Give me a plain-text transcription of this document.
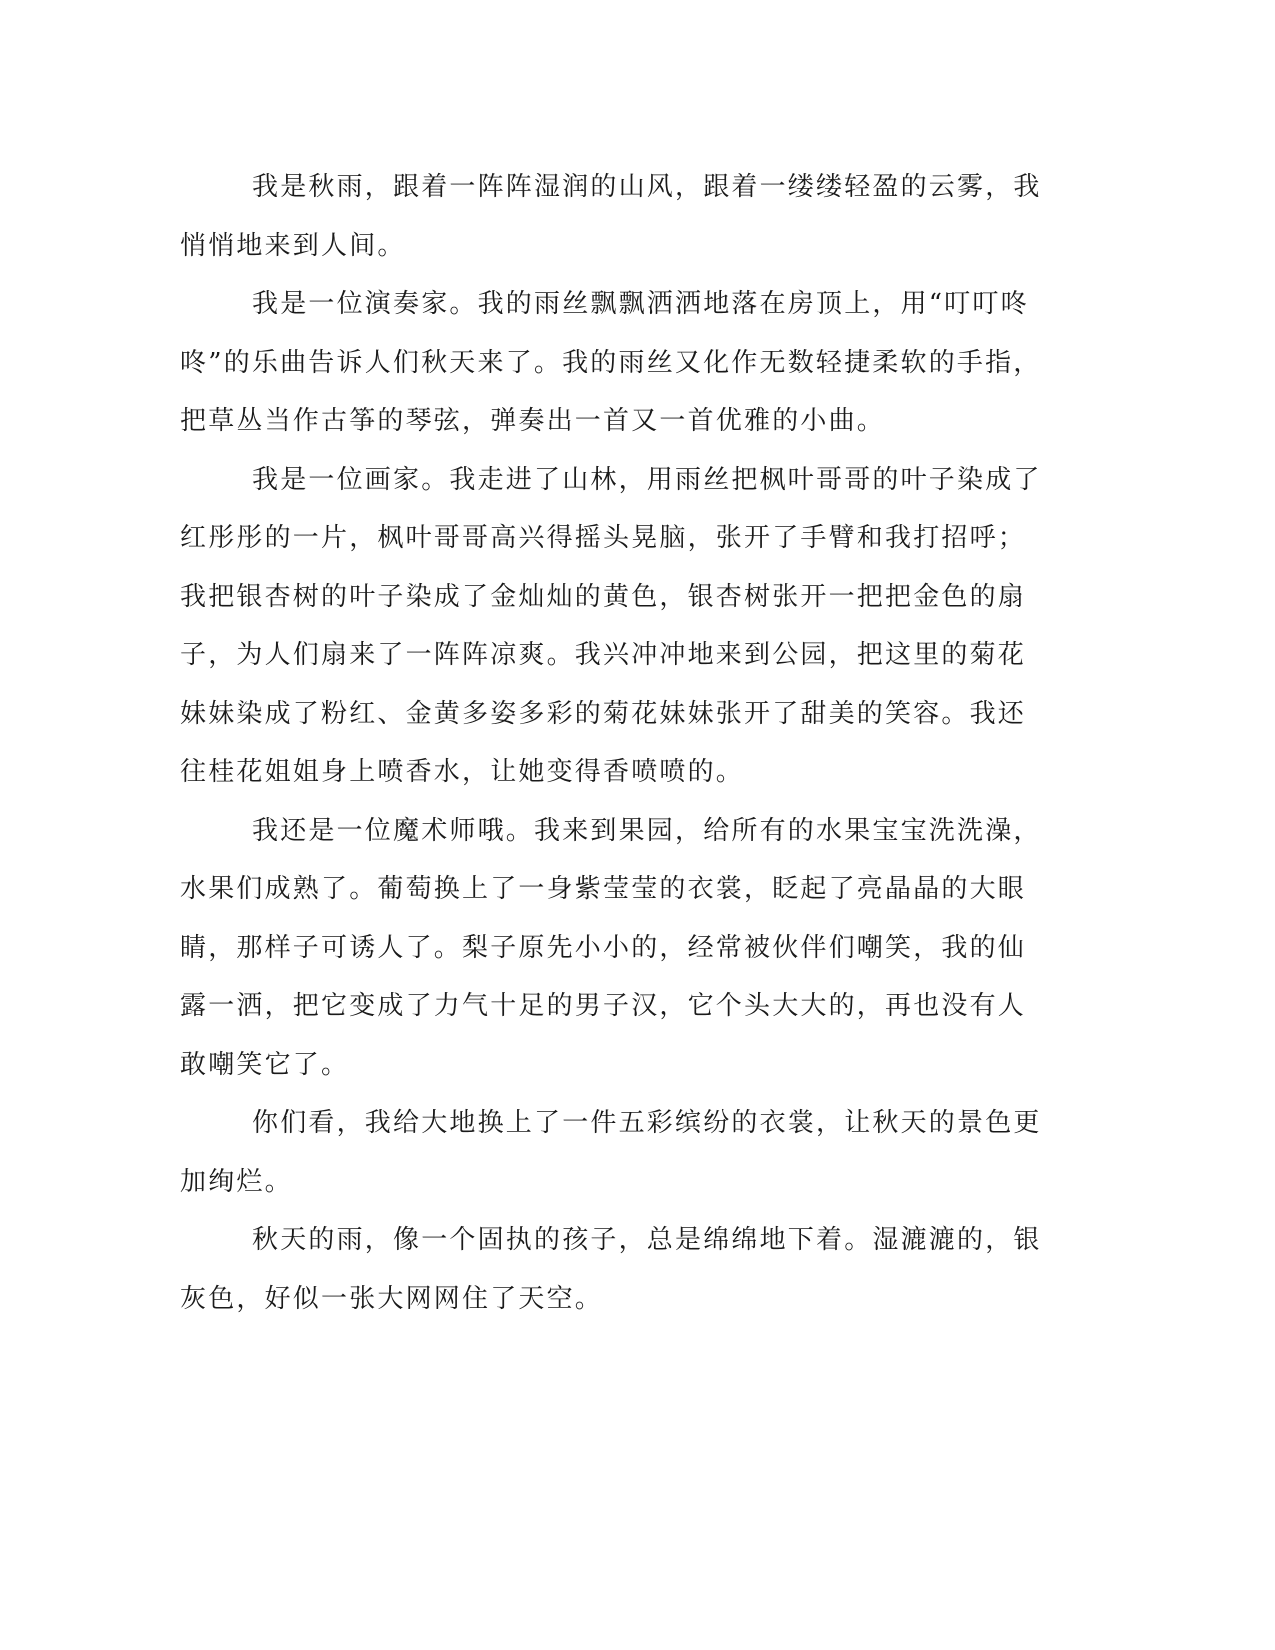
我是秋雨，跟着一阵阵湿润的山风，跟着一缕缕轻盈的云雾，我
悄悄地来到人间。
我是一位演奏家。我的雨丝飘飘洒洒地落在房顶上，用“叮叮咚
咚”的乐曲告诉人们秋天来了。我的雨丝又化作无数轻捷柔软的手指，
把草丛当作古筝的琴弦，弹奏出一首又一首优雅的小曲。
我是一位画家。我走进了山林，用雨丝把枫叶哥哥的叶子染成了
红彤彤的一片，枫叶哥哥高兴得摇头晃脑，张开了手臂和我打招呼；
我把银杏树的叶子染成了金灿灿的黄色，银杏树张开一把把金色的扇
子，为人们扇来了一阵阵凉爽。我兴冲冲地来到公园，把这里的菊花
妹妹染成了粉红、金黄多姿多彩的菊花妹妹张开了甜美的笑容。我还
往桂花姐姐身上喷香水，让她变得香喷喷的。
我还是一位魔术师哦。我来到果园，给所有的水果宝宝洗洗澡，
水果们成熟了。葡萄换上了一身紫莹莹的衣裳，眨起了亮晶晶的大眼
睛，那样子可诱人了。梨子原先小小的，经常被伙伴们嘲笑，我的仙
露一洒，把它变成了力气十足的男子汉，它个头大大的，再也没有人
敢嘲笑它了。
你们看，我给大地换上了一件五彩缤纷的衣裳，让秋天的景色更
加绚烂。
秋天的雨，像一个固执的孩子，总是绵绵地下着。湿漉漉的，银
灰色，好似一张大网网住了天空。
